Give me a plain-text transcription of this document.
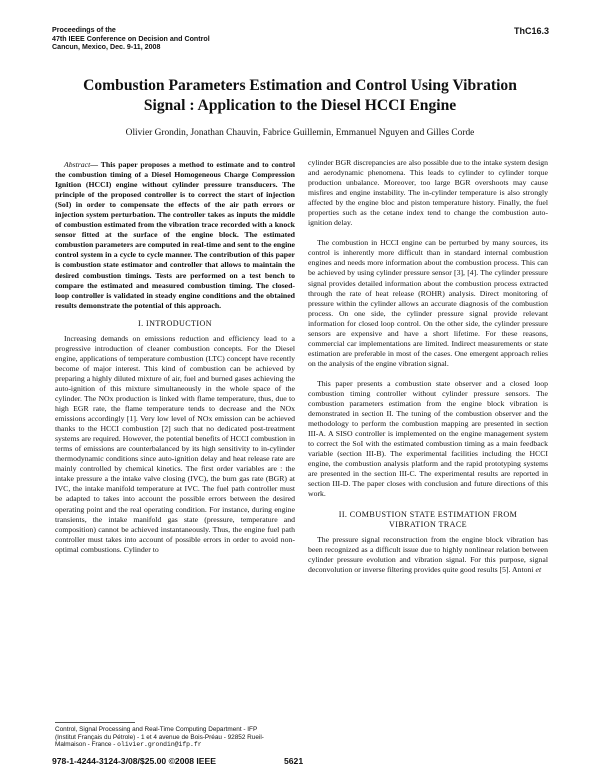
Proceedings of the
47th IEEE Conference on Decision and Control
Cancun, Mexico, Dec. 9-11, 2008
ThC16.3
Combustion Parameters Estimation and Control Using Vibration
Signal : Application to the Diesel HCCI Engine
Olivier Grondin, Jonathan Chauvin, Fabrice Guillemin, Emmanuel Nguyen and Gilles Corde

Abstract— This paper proposes a method to estimate and to control the combustion timing of a Diesel Homogeneous Charge Compression Ignition (HCCI) engine without cylinder pressure transducers. The principle of the proposed controller is to correct the start of injection (SoI) in order to compensate the effects of the air path errors or injection system perturbation. The controller takes as inputs the middle of combustion estimated from the vibration trace recorded with a knock sensor fitted at the surface of the engine block. The estimated combustion parameters are computed in real-time and sent to the engine control system in a cycle to cycle manner. The contribution of this paper is combustion state estimator and controller that allows to maintain the desired combustion timings. Tests are performed on a test bench to compare the estimated and measured combustion timing. The closed-loop controller is validated in steady engine conditions and the obtained results demonstrate the potential of this approach.

I. INTRODUCTION

Increasing demands on emissions reduction and efficiency lead to a progressive introduction of cleaner combustion concepts. For the Diesel engine, applications of temperature combustion (LTC) concept have recently become of major interest. This kind of combustion can be achieved by preparing a highly diluted mixture of air, fuel and burned gases achieving the auto-ignition of this mixture simultaneously in the whole space of the cylinder. The NOx production is linked with flame temperature, thus, due to high EGR rate, the flame temperature tends to decrease and the NOx emissions accordingly [1]. Very low level of NOx emission can be achieved thanks to the HCCI combustion [2] such that no dedicated post-treatment systems are required. However, the potential benefits of HCCI combustion in terms of emissions are counterbalanced by its high sensitivity to in-cylinder thermodynamic conditions since auto-ignition delay and heat release rate are mainly controlled by chemical kinetics. The first order variables are : the intake pressure a the intake valve closing (IVC), the burn gas rate (BGR) at IVC, the intake manifold temperature at IVC. The fuel path controller must be adapted to takes into account the possible errors between the desired operating point and the real operating condition. For instance, during engine transients, the intake manifold gas state (pressure, temperature and composition) cannot be achieved instantaneously. Thus, the engine fuel path controller must takes into account of possible errors in order to avoid non-optimal combustions. Cylinder to

cylinder BGR discrepancies are also possible due to the intake system design and aerodynamic phenomena. This leads to cylinder to cylinder torque production unbalance. Moreover, too large BGR overshoots may cause misfires and engine instability. The in-cylinder temperature is also strongly affected by the engine bloc and piston temperature history. Finally, the fuel properties such as the cetane index tend to change the combustion auto-ignition delay.

The combustion in HCCI engine can be perturbed by many sources, its control is inherently more difficult than in standard internal combustion engines and needs more information about the combustion process. This can be achieved by using cylinder pressure sensor [3], [4]. The cylinder pressure signal provides detailed information about the combustion process extracted through the rate of heat release (ROHR) analysis. Direct monitoring of pressure within the cylinder allows an accurate diagnosis of the combustion process. On one side, the cylinder pressure signal provide relevant information for closed loop control. On the other side, the cylinder pressure sensors are expensive and have a short lifetime. For these reasons, commercial car implementations are limited. Indirect measurements or state estimation are preferable in most of the cases. One emergent approach relies on the analysis of the engine vibration signal.

This paper presents a combustion state observer and a closed loop combustion timing controller without cylinder pressure sensors. The combustion parameters estimation from the engine block vibration is demonstrated in section II. The tuning of the combustion observer and the methodology to perform the combustion mapping are presented in section III-A. A SISO controller is implemented on the engine management system to correct the SoI with the estimated combustion timing as a main feedback variable (section III-B). The experimental facilities including the HCCI engine, the combustion analysis platform and the rapid prototyping systems are presented in the section III-C. The experimental results are reported in section III-D. The paper closes with conclusion and future directions of this work.

II. COMBUSTION STATE ESTIMATION FROM
VIBRATION TRACE

The pressure signal reconstruction from the engine block vibration has been recognized as a difficult issue due to highly nonlinear relation between cylinder pressure evolution and vibration signal. For this purpose, signal deconvolution or inverse filtering provides quite good results [5]. Antoni et

Control, Signal Processing and Real-Time Computing Department - IFP
(Institut Français du Pétrole) - 1 et 4 avenue de Bois-Préau - 92852 Rueil-
Malmaison - France - olivier.grondin@ifp.fr
978-1-4244-3124-3/08/$25.00 ©2008 IEEE	5621
